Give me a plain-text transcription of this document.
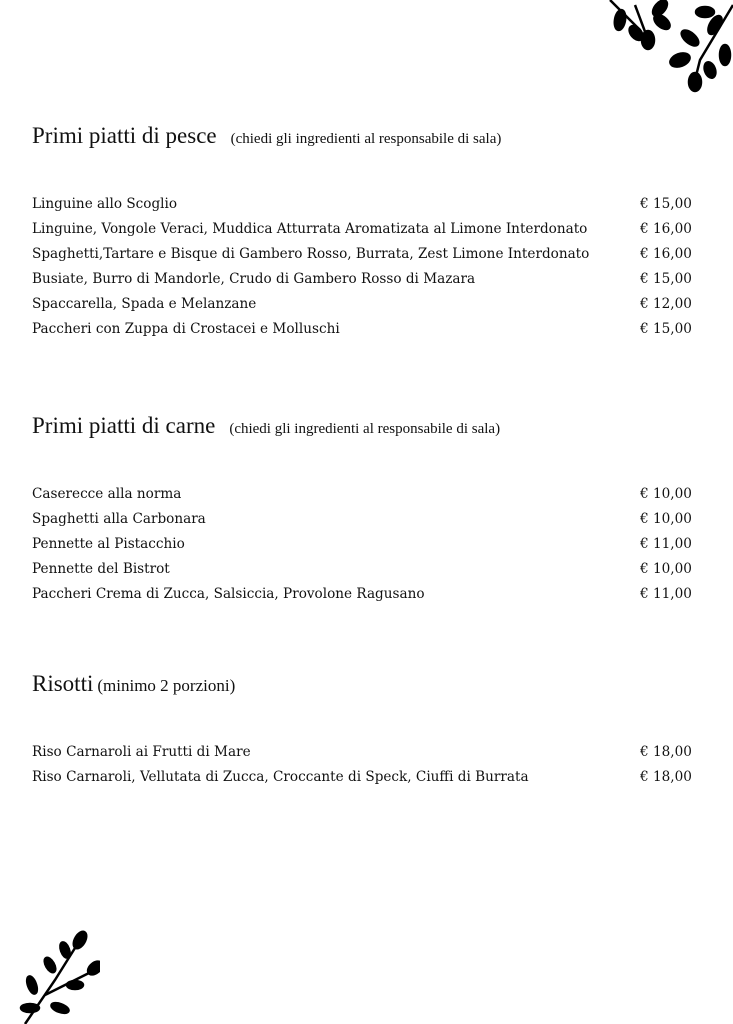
Primi piatti di pesce (chiedi gli ingredienti al responsabile di sala)
Linguine allo Scoglio	€ 15,00
Linguine, Vongole Veraci, Muddica Atturrata Aromatizata al Limone Interdonato	€ 16,00
Spaghetti,Tartare e Bisque di Gambero Rosso, Burrata, Zest Limone Interdonato	€ 16,00
Busiate, Burro di Mandorle, Crudo di Gambero Rosso di Mazara	€ 15,00
Spaccarella, Spada e Melanzane	€ 12,00
Paccheri con Zuppa di Crostacei e Molluschi	€ 15,00
Primi piatti di carne (chiedi gli ingredienti al responsabile di sala)
Caserecce alla norma	€ 10,00
Spaghetti alla Carbonara	€ 10,00
Pennette al Pistacchio	€ 11,00
Pennette del Bistrot	€ 10,00
Paccheri Crema di Zucca, Salsiccia, Provolone Ragusano	€ 11,00
Risotti (minimo 2 porzioni)
Riso Carnaroli ai Frutti di Mare	€ 18,00
Riso Carnaroli, Vellutata di Zucca, Croccante di Speck, Ciuffi di Burrata	€ 18,00
